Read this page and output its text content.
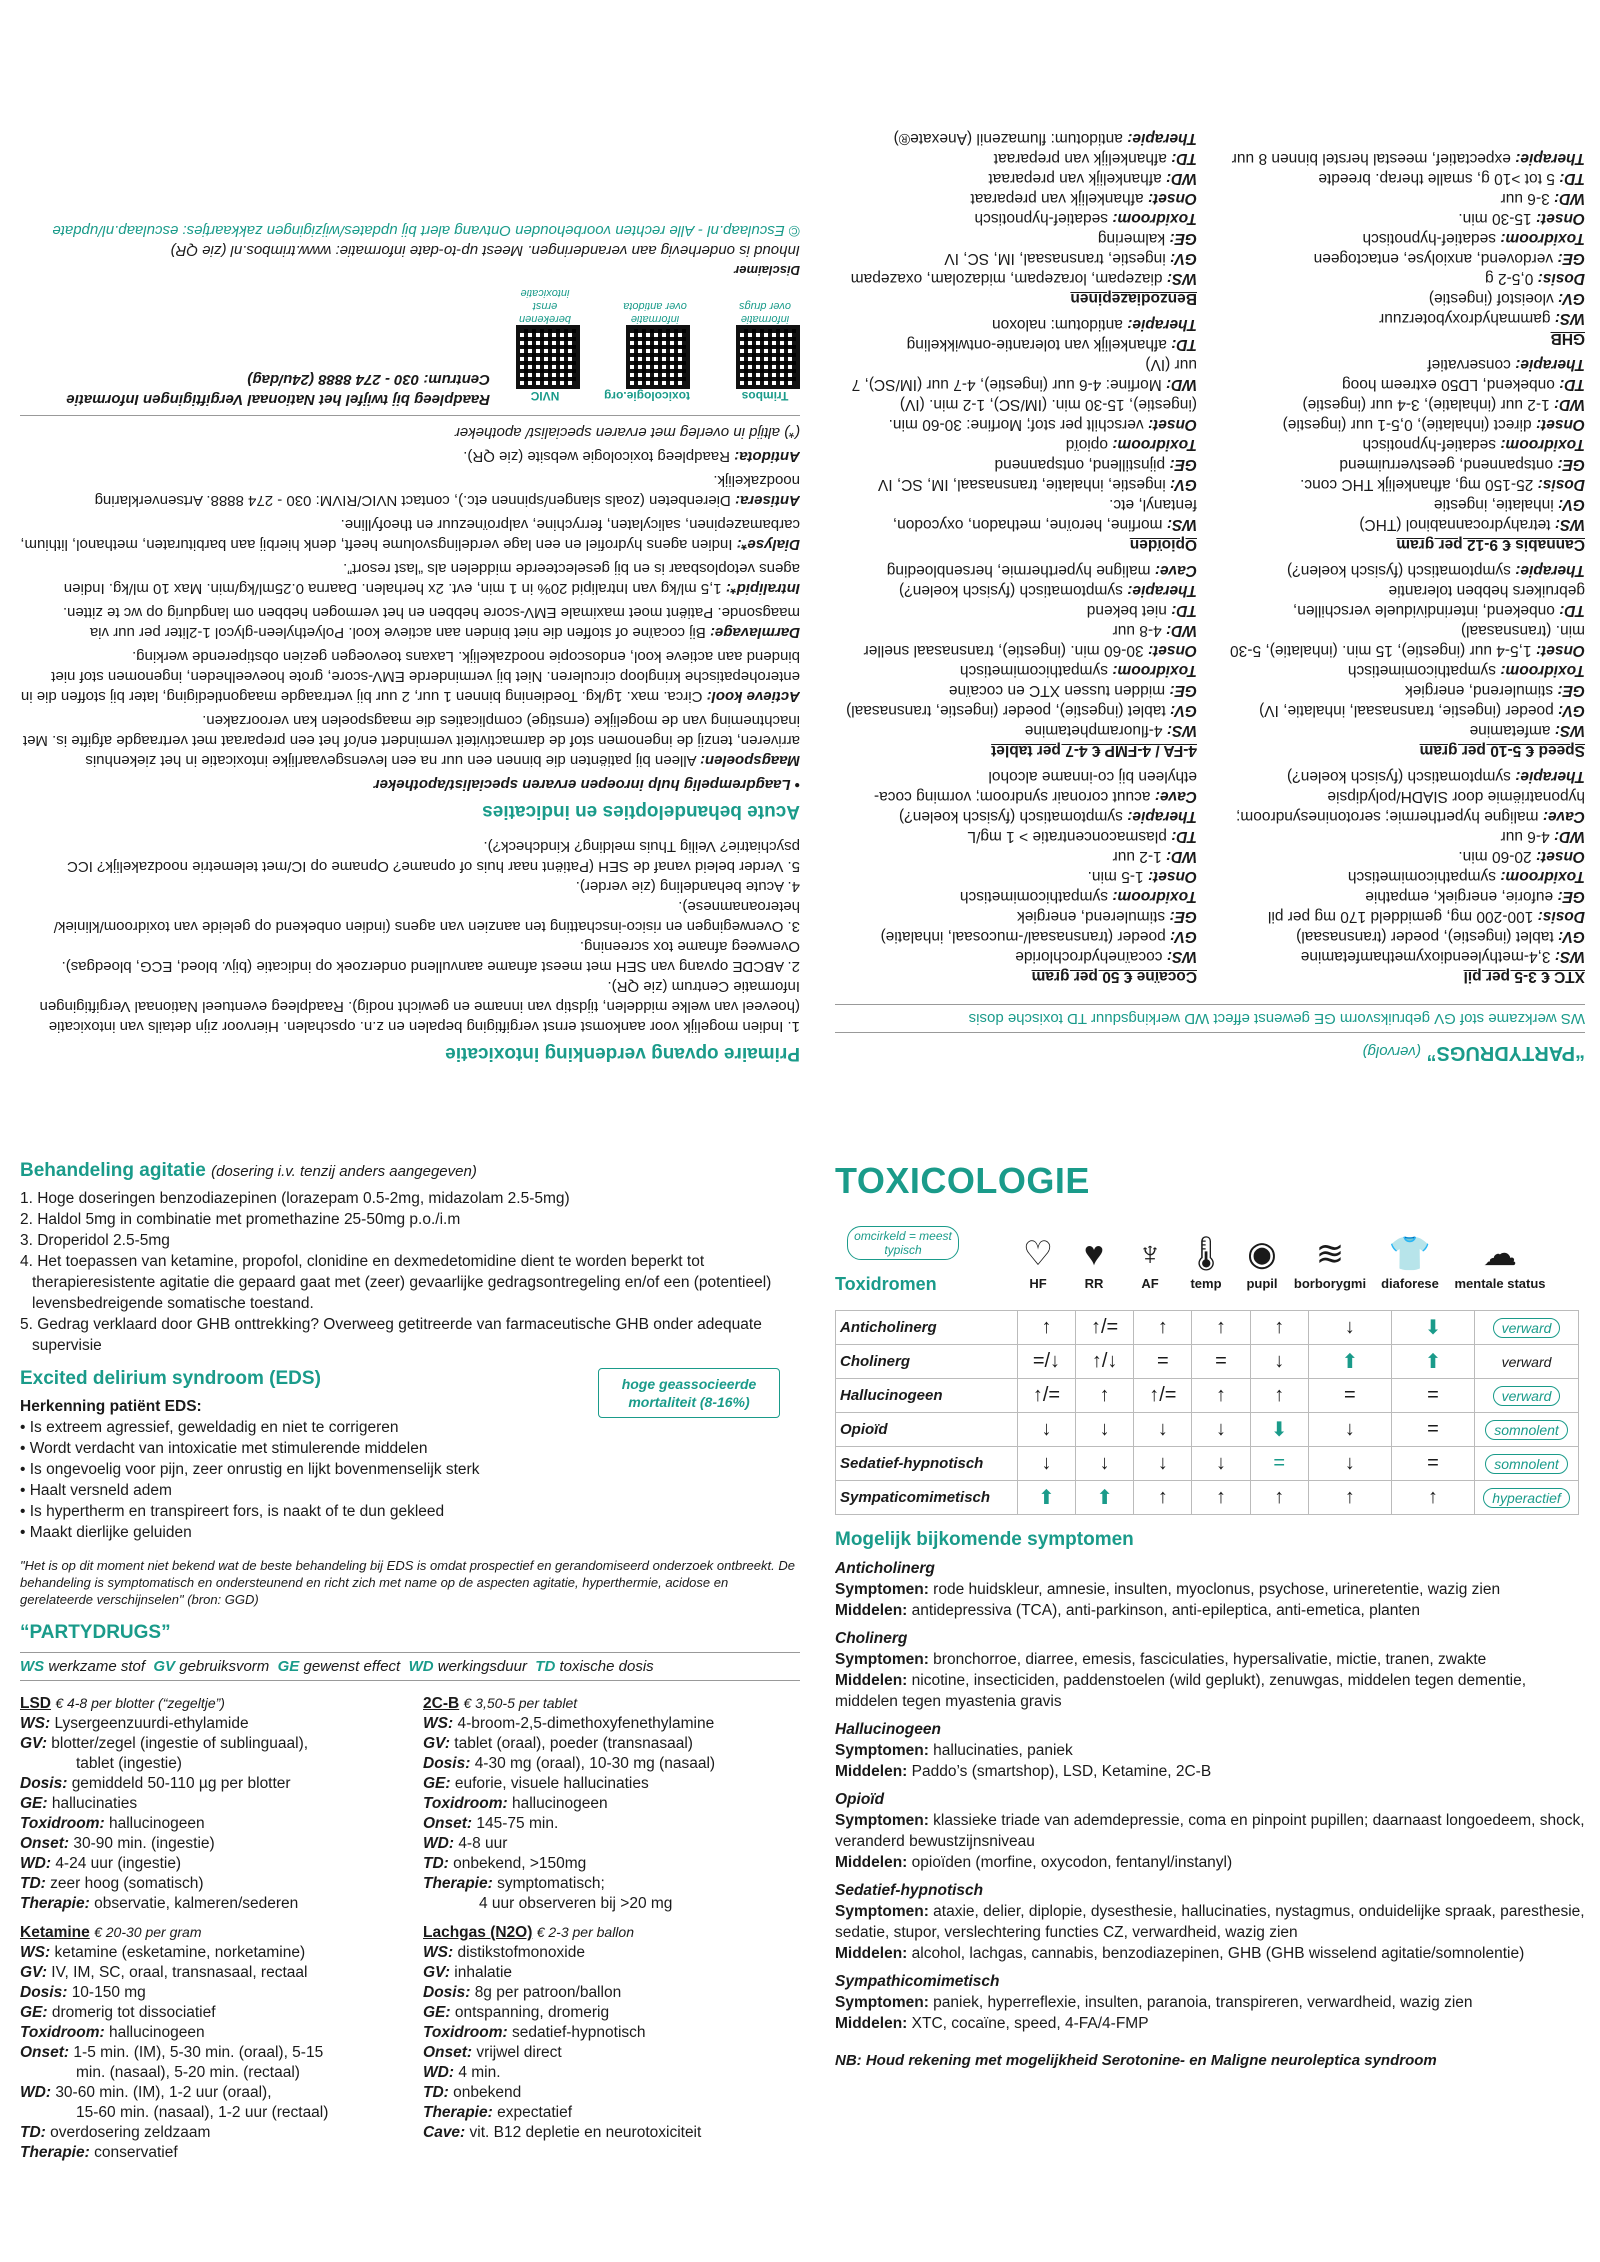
Primaire opvang verdenking intoxicatie

1. Indien mogelijk voor aankomst ernst vergiftiging bepalen en z.n. opschalen. Hiervoor zijn details van intoxicatie (hoeveel van welke middelen, tijdstip van inname en gewicht nodig). Raadpleeg eventueel Nationaal Vergiftigingen Informatie Centrum (zie QR).

2. ABCDE opvang van SEH met meest afname aanvullend onderzoek op indicatie (bijv. bloed, ECG, bloedgas). Overweeg afname tox screening.

3. Overwegingen en risico-inschatting ten aanzien van agens (indien onbekend op geleide van toxidroom/kliniek/ heteroanamnese).

4. Acute behandeling (zie verder).

5. Verder beleid vanaf de SEH (Patiënt naar huis of opname? Opname op IC/met telemetrie noodzakelijk? ICC psychiatrie? Veilig Thuis melding? Kindcheck?).

Acute behandelopties en indicaties

• Laagdrempelig hulp inroepen ervaren specialist/apotheker

Maagspoelen: Alleen bij patiënten die binnen een uur na een levensgevaarlijke intoxicatie in het ziekenhuis arriveren, tenzij de ingenomen stof de darmactiviteit vermindert en/of het een preparaat met vertraagde afgifte is. Met inachtneming van de mogelijke (ernstige) complicaties die maagspoelen kan veroorzaken.

Actieve kool: Circa. max. 1g/kg. Toediening binnen 1 uur, 2 uur bij vertraagde maagontlediging, later bij stoffen die in enterohepatische kringloop circuleren. Niet bij verminderde EMV-score, grote hoeveelheden, ingenomen stof niet bindend aan actieve kool, endoscopie noodzakelijk. Laxans toevoegen gezien obstiperende werking.

Darmlavage: Bij cocaïne of stoffen die niet binden aan actieve kool. Polyethyleen-glycol 1-2liter per uur via maagsonde. Patiënt moet maximale EMV-score hebben en het vermogen hebben om langdurig op wc te zitten.

Intralipid*: 1,5 ml/kg van Intralipid 20% in 1 min, evt. 2x herhalen. Daarna 0.25ml/kg/min. Max 10 ml/kg. Indien agens vetoplosbaar is en bij geselecteerde middelen als “last resort”.

Dialyse*: Indien agens hydrofiel en een lage verdelingsvolume heeft, denk hierbij aan barbituraten, methanol, lithium, carbamazepinen, salicylaten, ferrychine, valproïnezuur en theofylline.

Antisera: Dierenbeten (zoals slangen/spinnen etc.), contact NVIC/RIVM: 030 - 274 8888. Artsenverklaring noodzakelijk.

Antidota: Raadpleeg toxicologie website (zie QR).

(*) altijd in overleg met ervaren specialist/ apotheker

Trimbos
informatie over drugs
toxicologie.org
informatie over antidota
NVIC
berekenen ernst intoxicatie

Raadpleeg bij twijfel het Nationaal Vergiftigingen Informatie Centrum: 030 - 274 8888 (24u/dag)

Disclaimer

Inhoud is onderhevig aan veranderingen. Meest up-to-date informatie: www.trimbos.nl (zie QR)

© Esculaap.nl - Alle rechten voorbehouden Ontvang alert bij updates/wijzigingen zakkaartjes: esculaap.nl/update

“PARTYDRUGS” (vervolg)
WS werkzame stof GV gebruiksvorm GE gewenst effect WD werkingsduur TD toxische dosis
XTC € 3-5 per pil
WS: 3,4-methyleendioxymethamfetamine
GV: tablet (ingestie), poeder (transnasaal)
Dosis: 100-200 mg, gemiddeld 170 mg per pil
GE: euforie, energiek, empathie
Toxidroom: sympathicomimetisch
Onset: 20-60 min.
WD: 4-6 uur
Cave: maligne hyperthermie; serotoninesyndroom; hyponatriëmie door SIADH/polydipsie
Therapie: symptomatisch (fysisch koelen?)
Speed € 5-10 per gram
WS: amfetamine
GV: poeder (ingestie, transnasaal, inhalatie, IV)
GE: stimulerend, energiek
Toxidroom: sympathicomimetisch
Onset: 1,5-4 uur (ingestie), 15 min. (inhalatie), 5-30 min. (transnasaal)
TD: onbekend, interindividuele verschillen, gebruikers hebben tolerantie
Therapie: symptomatisch (fysisch koelen?)
Cannabis € 9-12 per gram
WS: tetrahydrocannabinol (THC)
GV: inhalatie, ingestie
Dosis: 25-150 mg, afhankelijk THC conc.
GE: ontspannend, geestverruimend
Toxidroom: sedatief-hypnotisch
Onset: direct (inhalatie), 0,5-1 uur (ingestie)
WD: 1-2 uur (inhalatie), 3-4 uur (ingestie)
TD: onbekend, LD50 extreem hoog
Therapie: conservatief
GHB
WS: gammahydroxyboterzuur
GV: vloeistof (ingestie)
Dosis: 0,5-2 g
GE: verdovend, anxiolyse, entactogeen
Toxidroom: sedatief-hypnotisch
Onset: 15-30 min.
WD: 3-6 uur
TD: 5 tot >10 g, smalle therap. breedte
Therapie: expectatief, meestal herstel binnen 8 uur
Cocaïne € 50 per gram
WS: cocaïnehydrochloride
GV: poeder (transnasaal/-mucosaal, inhalatie)
GE: stimulerend, energiek
Toxidroom: sympathicomimetisch
Onset: 1-5 min.
WD: 1-2 uur
TD: plasmaconcentratie > 1 mg/L
Therapie: symptomatisch (fysisch koelen?)
Cave: acuut coronair syndroom; vorming coca-ethyleen bij co-inname alcohol
4-FA / 4-FMP € 4-7 per tablet
WS: 4-fluoramphetamine
GV: tablet (ingestie), poeder (ingestie, transnasaal)
GE: midden tussen XTC en cocaïne
Toxidroom: sympathicomimetisch
Onset: 30-60 min. (ingestie), transnasaal sneller
WD: 4-8 uur
TD: niet bekend
Therapie: symptomatisch (fysisch koelen?)
Cave: maligne hyperthermie, hersenbloeding
Opioïden
WS: morfine, heroïne, methadon, oxycodon, fentanyl, etc.
GV: ingestie, inhalatie, transnasaal, IM, SC, IV
GE: pijnstillend, ontspannend
Toxidroom: opioïd
Onset: verschilt per stof; Morfine: 30-60 min. (ingestie), 15-30 min. (IM/SC), 1-2 min. (IV)
WD: Morfine: 4-6 uur (ingestie), 4-7 uur (IM/SC), 7 uur (IV)
TD: afhankelijk van tolerantie-ontwikkeling
Therapie: antidotum: naloxon
Benzodiazepinen
WS: diazepam, lorazepam, midazolam, oxazepam
GV: ingestie, transnasaal, IM, SC, IV
GE: kalmering
Toxidroom: sedatief-hypnotisch
Onset: afhankelijk van preparaat
WD: afhankelijk van preparaat
TD: afhankelijk van preparaat
Therapie: antidotum: flumazenil (Anexate®)
Behandeling agitatie (dosering i.v. tenzij anders aangegeven)
1. Hoge doseringen benzodiazepinen (lorazepam 0.5-2mg, midazolam 2.5-5mg)
2. Haldol 5mg in combinatie met promethazine 25-50mg p.o./i.m
3. Droperidol 2.5-5mg
4. Het toepassen van ketamine, propofol, clonidine en dexmedetomidine dient te worden beperkt tot therapieresistente agitatie die gepaard gaat met (zeer) gevaarlijke gedragsontregeling en/of een (potentieel) levensbedreigende somatische toestand.
5. Gedrag verklaard door GHB onttrekking? Overweeg getitreerde van farmaceutische GHB onder adequate supervisie
Excited delirium syndroom (EDS)	hoge geassocieerde mortaliteit (8-16%)

Herkenning patiënt EDS:

• Is extreem agressief, geweldadig en niet te corrigeren
• Wordt verdacht van intoxicatie met stimulerende middelen
• Is ongevoelig voor pijn, zeer onrustig en lijkt bovenmenselijk sterk
• Haalt versneld adem
• Is hypertherm en transpireert fors, is naakt of te dun gekleed
• Maakt dierlijke geluiden

"Het is op dit moment niet bekend wat de beste behandeling bij EDS is omdat prospectief en gerandomiseerd onderzoek ontbreekt. De behandeling is symptomatisch en ondersteunend en richt zich met name op de aspecten agitatie, hyperthermie, acidose en gerelateerde verschijnselen" (bron: GGD)

“PARTYDRUGS”
WS werkzame stof GV gebruiksvorm GE gewenst effect WD werkingsduur TD toxische dosis
LSD € 4-8 per blotter (“zegeltje”)
WS: Lysergeenzuurdi-ethylamide
GV: blotter/zegel (ingestie of sublinguaal),
tablet (ingestie)
Dosis: gemiddeld 50-110 µg per blotter
GE: hallucinaties
Toxidroom: hallucinogeen
Onset: 30-90 min. (ingestie)
WD: 4-24 uur (ingestie)
TD: zeer hoog (somatisch)
Therapie: observatie, kalmeren/sederen
Ketamine € 20-30 per gram
WS: ketamine (esketamine, norketamine)
GV: IV, IM, SC, oraal, transnasaal, rectaal
Dosis: 10-150 mg
GE: dromerig tot dissociatief
Toxidroom: hallucinogeen
Onset: 1-5 min. (IM), 5-30 min. (oraal), 5-15
min. (nasaal), 5-20 min. (rectaal)
WD: 30-60 min. (IM), 1-2 uur (oraal),
15-60 min. (nasaal), 1-2 uur (rectaal)
TD: overdosering zeldzaam
Therapie: conservatief
2C-B € 3,50-5 per tablet
WS: 4-broom-2,5-dimethoxyfenethylamine
GV: tablet (oraal), poeder (transnasaal)
Dosis: 4-30 mg (oraal), 10-30 mg (nasaal)
GE: euforie, visuele hallucinaties
Toxidroom: hallucinogeen
Onset: 145-75 min.
WD: 4-8 uur
TD: onbekend, >150mg
Therapie: symptomatisch;
4 uur observeren bij >20 mg
Lachgas (N2O) € 2-3 per ballon
WS: distikstofmonoxide
GV: inhalatie
Dosis: 8g per patroon/ballon
GE: ontspanning, dromerig
Toxidroom: sedatief-hypnotisch
Onset: vrijwel direct
WD: 4 min.
TD: onbekend
Therapie: expectatief
Cave: vit. B12 depletie en neurotoxiciteit
TOXICOLOGIE
omcirkeld = meest typisch
Toxidromen
♡
HF
♥
RR
♆
AF
🌡
temp
◉
pupil
≋
borborygmi
👕
diaforese
☁
mentale status
Anticholinerg	↑	↑/=	↑	↑	↑	↓	⬇	verward
Cholinerg	=/↓	↑/↓	=	=	↓	⬆	⬆	verward
Hallucinogeen	↑/=	↑	↑/=	↑	↑	=	=	verward
Opioïd	↓	↓	↓	↓	⬇	↓	=	somnolent
Sedatief-hypnotisch	↓	↓	↓	↓	=	↓	=	somnolent
Sympaticomimetisch	⬆	⬆	↑	↑	↑	↑	↑	hyperactief
Mogelijk bijkomende symptomen
Anticholinerg

Symptomen: rode huidskleur, amnesie, insulten, myoclonus, psychose, urineretentie, wazig zien

Middelen: antidepressiva (TCA), anti-parkinson, anti-epileptica, anti-emetica, planten

Cholinerg

Symptomen: bronchorroe, diarree, emesis, fasciculaties, hypersalivatie, mictie, tranen, zwakte

Middelen: nicotine, insecticiden, paddenstoelen (wild geplukt), zenuwgas, middelen tegen dementie, middelen tegen myastenia gravis

Hallucinogeen

Symptomen: hallucinaties, paniek

Middelen: Paddo’s (smartshop), LSD, Ketamine, 2C-B

Opioïd

Symptomen: klassieke triade van ademdepressie, coma en pinpoint pupillen; daarnaast longoedeem, shock, veranderd bewustzijnsniveau

Middelen: opioïden (morfine, oxycodon, fentanyl/instanyl)

Sedatief-hypnotisch

Symptomen: ataxie, delier, diplopie, dysesthesie, hallucinaties, nystagmus, onduidelijke spraak, paresthesie, sedatie, stupor, verslechtering functies CZ, verwardheid, wazig zien

Middelen: alcohol, lachgas, cannabis, benzodiazepinen, GHB (GHB wisselend agitatie/somnolentie)

Sympathicomimetisch

Symptomen: paniek, hyperreflexie, insulten, paranoia, transpireren, verwardheid, wazig zien

Middelen: XTC, cocaïne, speed, 4-FA/4-FMP

NB: Houd rekening met mogelijkheid Serotonine- en Maligne neuroleptica syndroom
